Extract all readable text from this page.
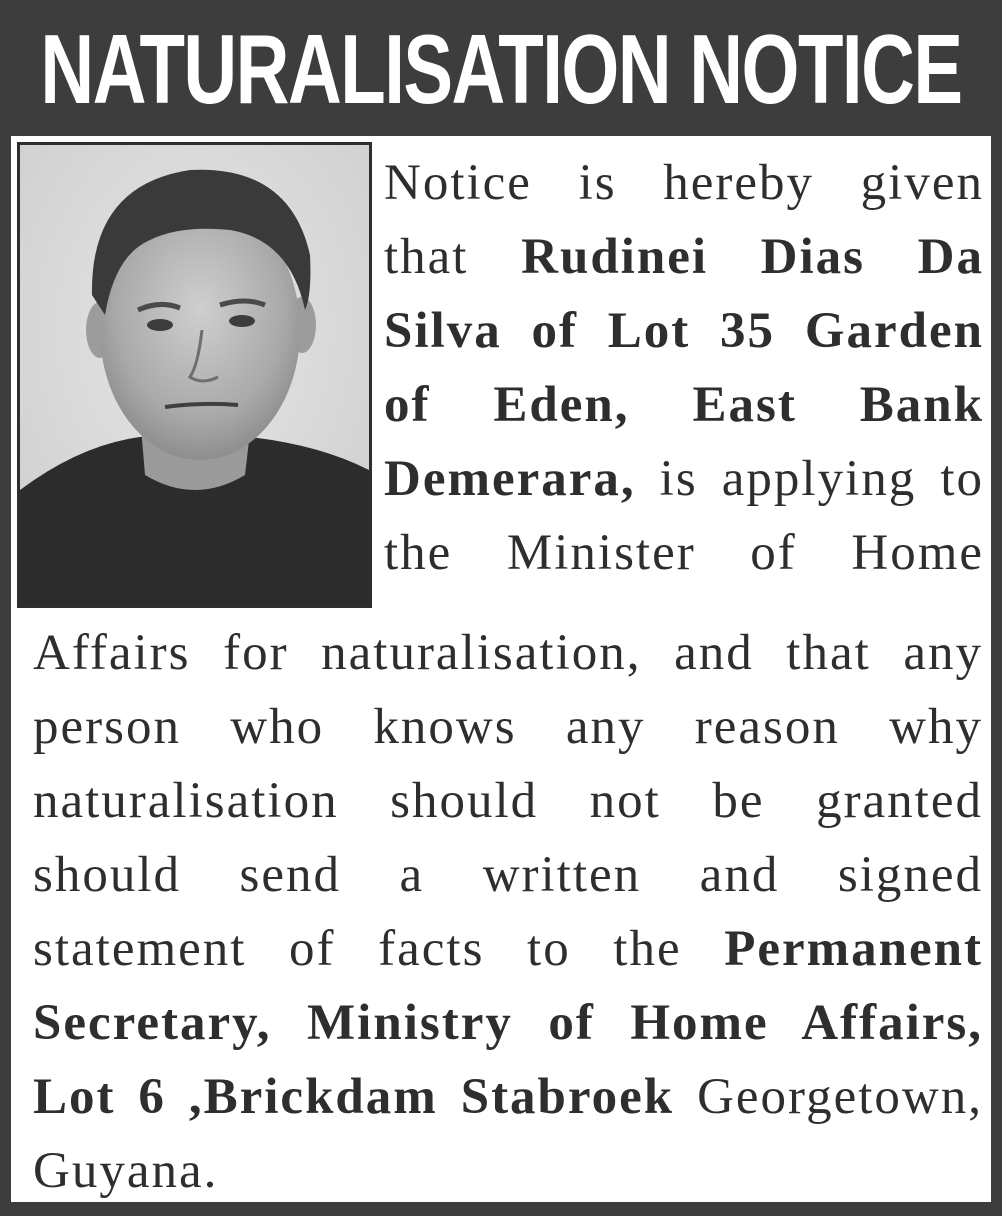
NATURALISATION NOTICE
Notice is hereby given
that Rudinei Dias Da
Silva of Lot 35 Garden
of Eden, East Bank
Demerara, is applying to
the Minister of Home
Affairs for naturalisation, and that any
person who knows any reason why
naturalisation should not be granted
should send a written and signed
statement of facts to the Permanent
Secretary, Ministry of Home Affairs,
Lot 6 ,Brickdam Stabroek Georgetown,
Guyana.
